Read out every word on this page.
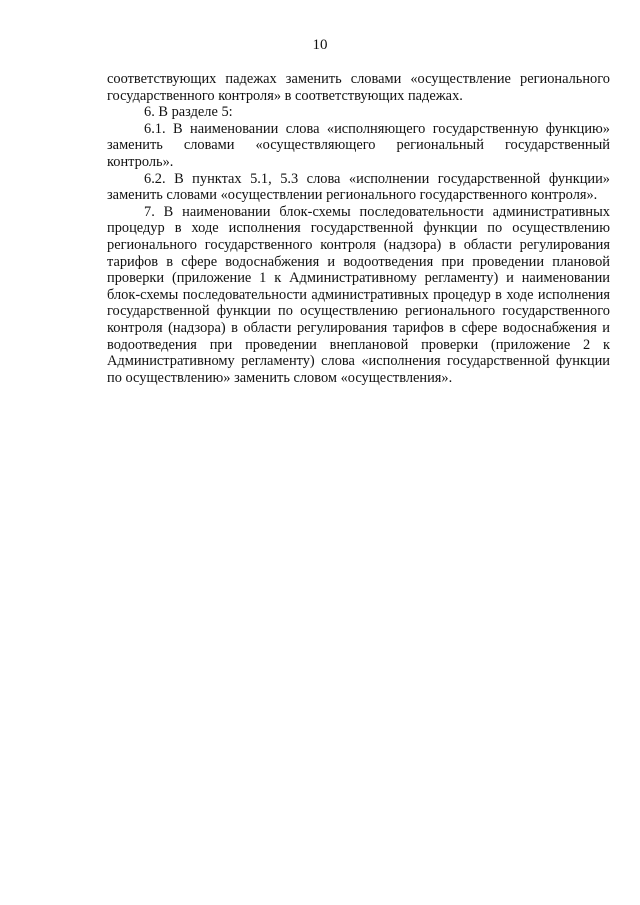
10

соответствующих падежах заменить словами «осуществление регионального государственного контроля» в соответствующих падежах.

6. В разделе 5:

6.1. В наименовании слова «исполняющего государственную функцию» заменить словами «осуществляющего региональный государственный контроль».

6.2. В пунктах 5.1, 5.3 слова «исполнении государственной функции» заменить словами «осуществлении регионального государственного контроля».

7. В наименовании блок-схемы последовательности административных процедур в ходе исполнения государственной функции по осуществлению регионального государственного контроля (надзора) в области регулирования тарифов в сфере водоснабжения и водоотведения при проведении плановой проверки (приложение 1 к Административному регламенту) и наименовании блок-схемы последовательности административных процедур в ходе исполнения государственной функции по осуществлению регионального государственного контроля (надзора) в области регулирования тарифов в сфере водоснабжения и водоотведения при проведении внеплановой проверки (приложение 2 к Административному регламенту) слова «исполнения государственной функции по осуществлению» заменить словом «осуществления».
